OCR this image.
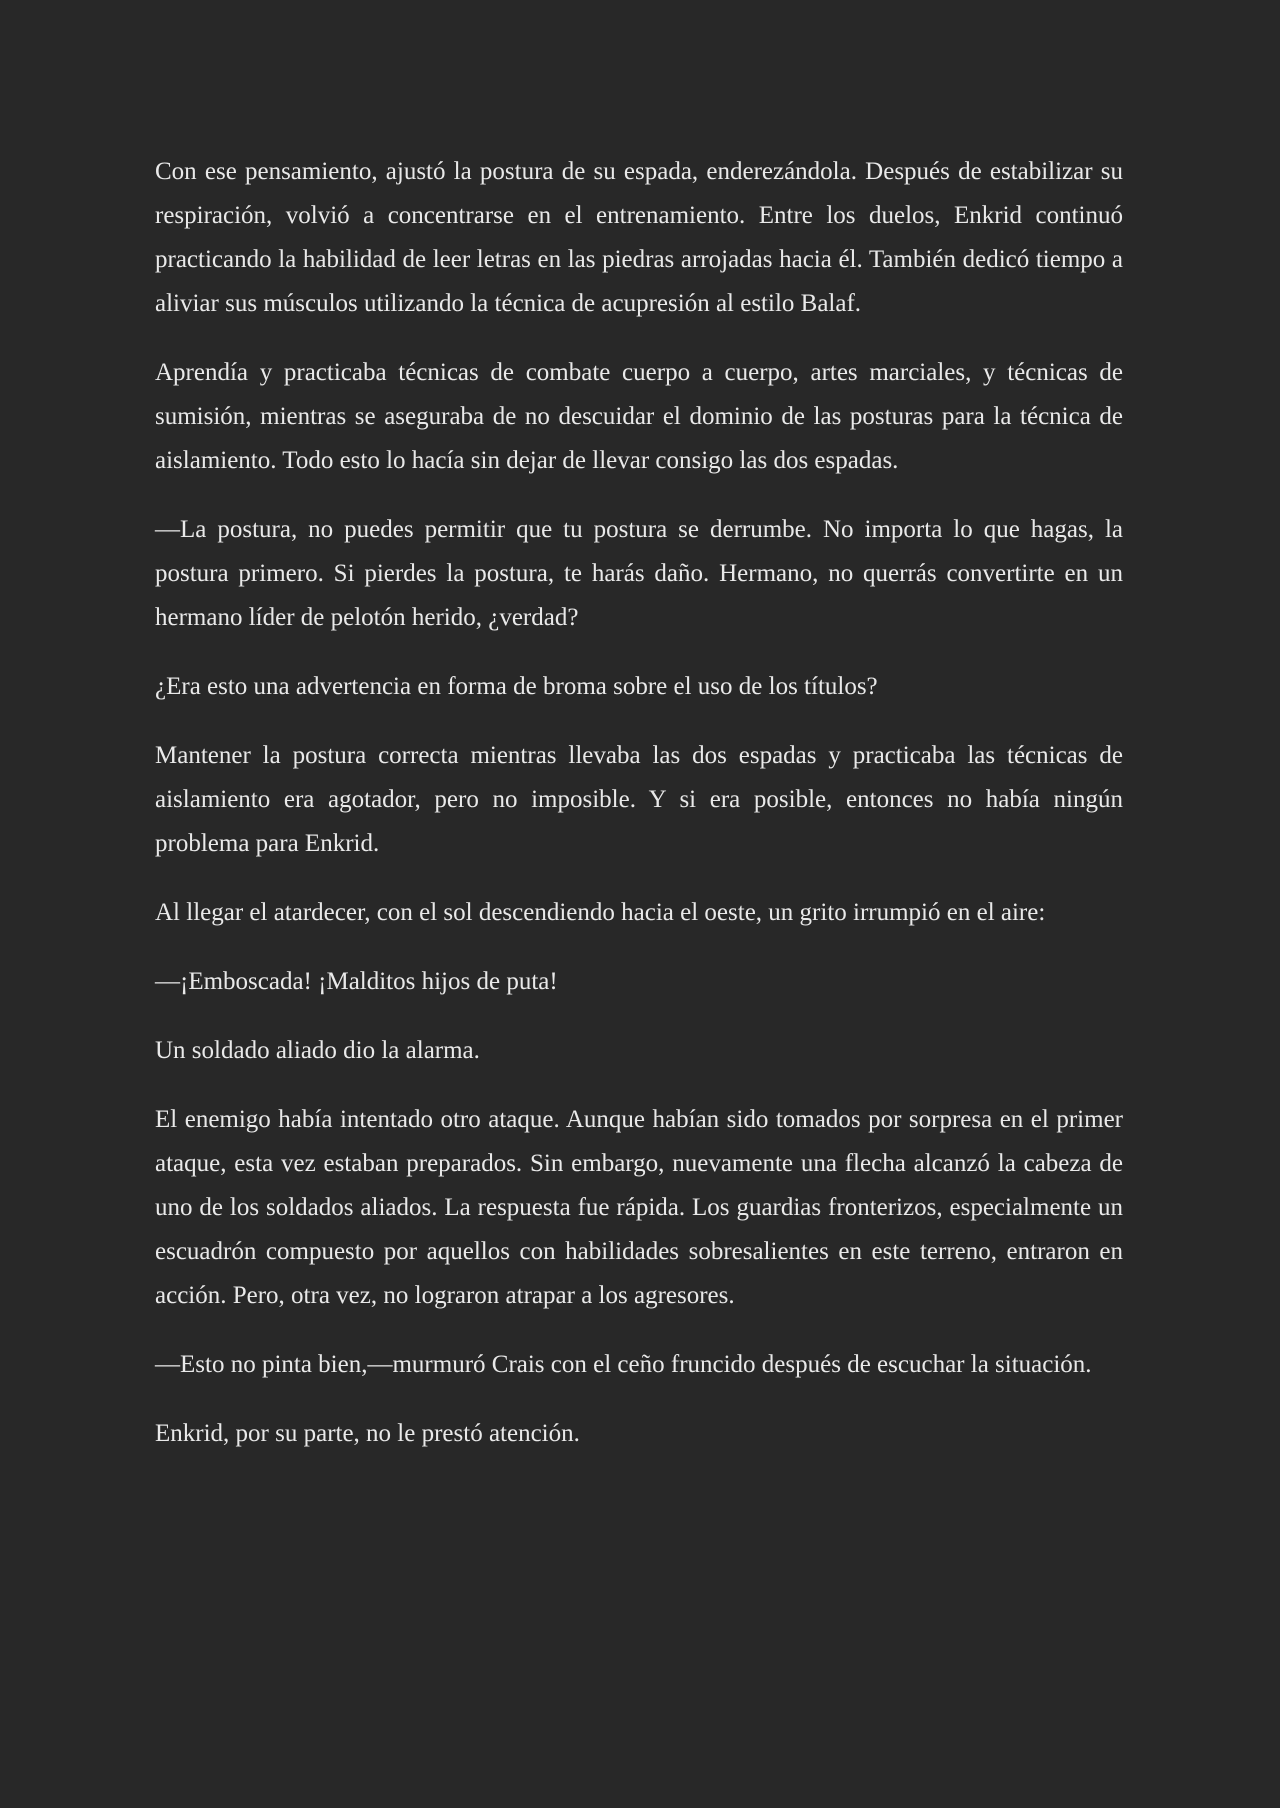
Con ese pensamiento, ajustó la postura de su espada, enderezándola. Después de estabilizar su respiración, volvió a concentrarse en el entrenamiento. Entre los duelos, Enkrid continuó practicando la habilidad de leer letras en las piedras arrojadas hacia él. También dedicó tiempo a aliviar sus músculos utilizando la técnica de acupresión al estilo Balaf.

Aprendía y practicaba técnicas de combate cuerpo a cuerpo, artes marciales, y técnicas de sumisión, mientras se aseguraba de no descuidar el dominio de las posturas para la técnica de aislamiento. Todo esto lo hacía sin dejar de llevar consigo las dos espadas.

—La postura, no puedes permitir que tu postura se derrumbe. No importa lo que hagas, la postura primero. Si pierdes la postura, te harás daño. Hermano, no querrás convertirte en un hermano líder de pelotón herido, ¿verdad?

¿Era esto una advertencia en forma de broma sobre el uso de los títulos?

Mantener la postura correcta mientras llevaba las dos espadas y practicaba las técnicas de aislamiento era agotador, pero no imposible. Y si era posible, entonces no había ningún problema para Enkrid.

Al llegar el atardecer, con el sol descendiendo hacia el oeste, un grito irrumpió en el aire:

—¡Emboscada! ¡Malditos hijos de puta!

Un soldado aliado dio la alarma.

El enemigo había intentado otro ataque. Aunque habían sido tomados por sorpresa en el primer ataque, esta vez estaban preparados. Sin embargo, nuevamente una flecha alcanzó la cabeza de uno de los soldados aliados. La respuesta fue rápida. Los guardias fronterizos, especialmente un escuadrón compuesto por aquellos con habilidades sobresalientes en este terreno, entraron en acción. Pero, otra vez, no lograron atrapar a los agresores.

—Esto no pinta bien,—murmuró Crais con el ceño fruncido después de escuchar la situación.

Enkrid, por su parte, no le prestó atención.
